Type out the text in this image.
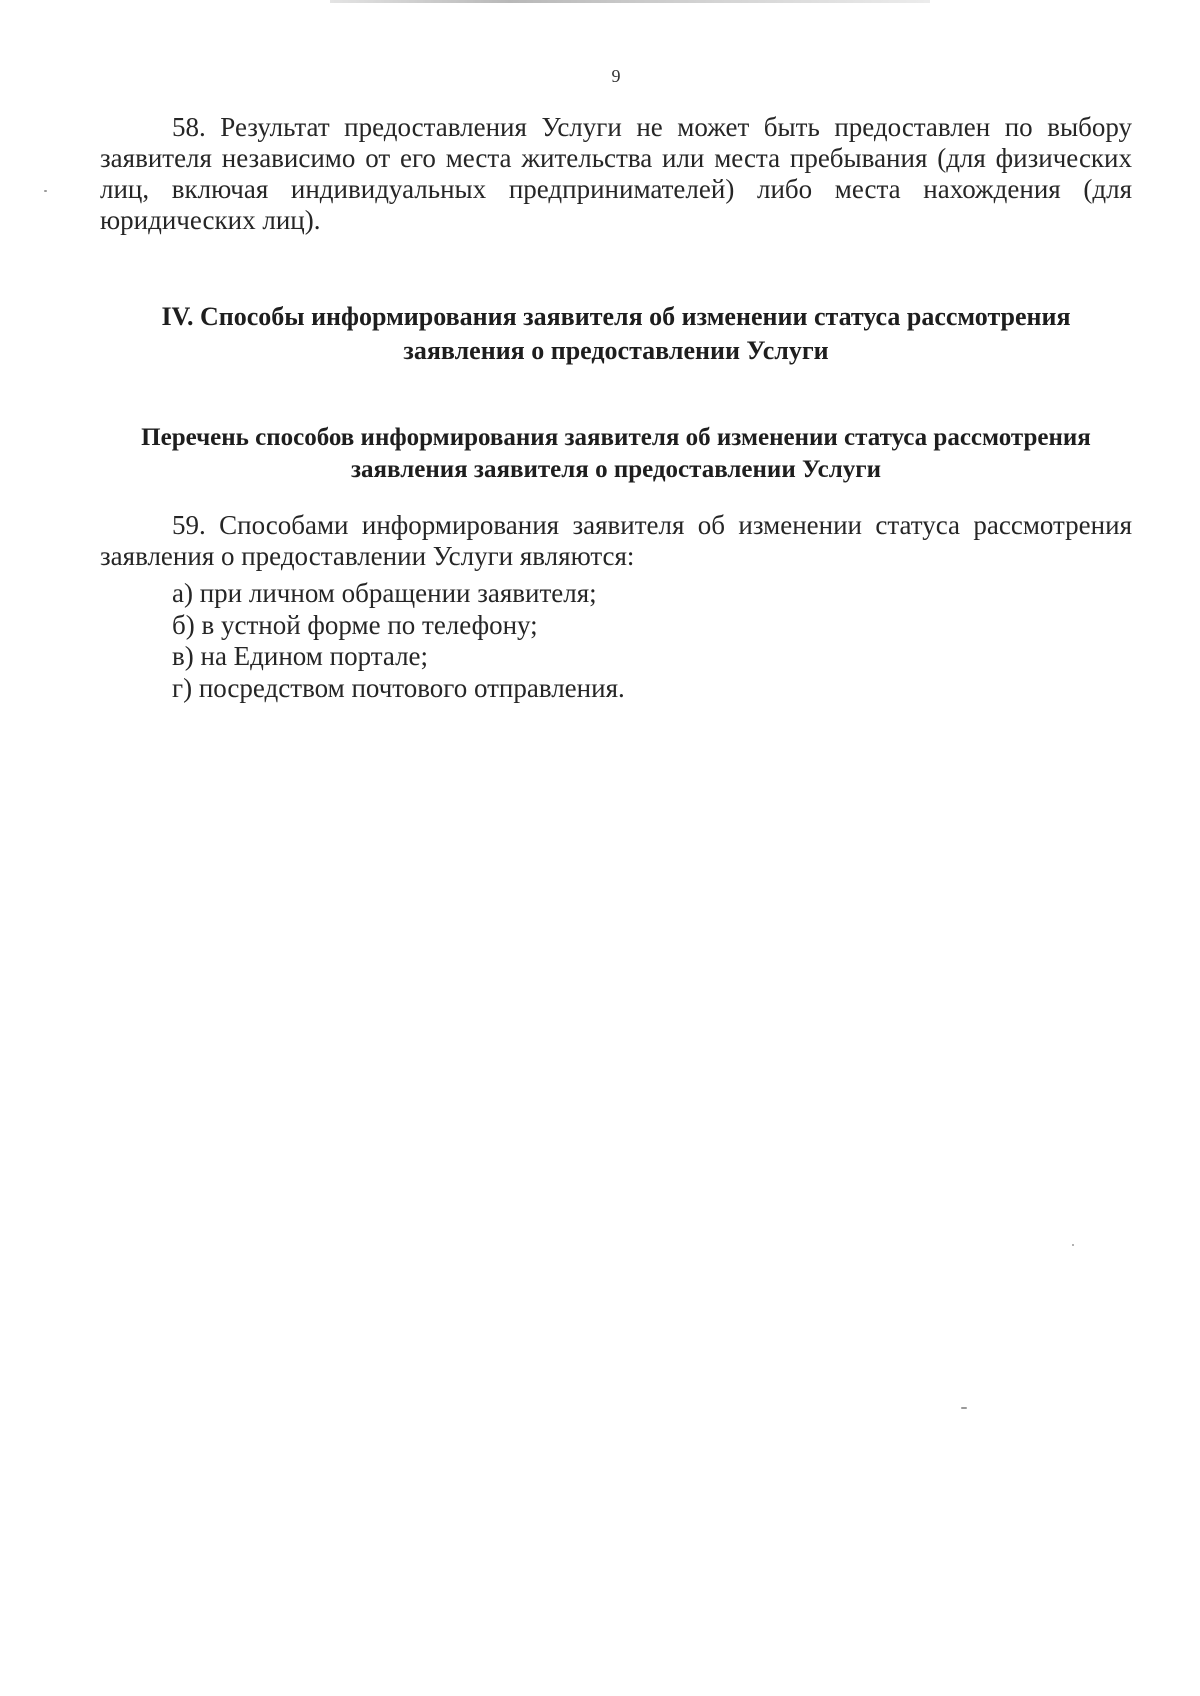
9

58. Результат предоставления Услуги не может быть предоставлен по выбору заявителя независимо от его места жительства или места пребывания (для физических лиц, включая индивидуальных предпринимателей) либо места нахождения (для юридических лиц).

IV. Способы информирования заявителя об изменении статуса рассмотрения заявления о предоставлении Услуги
Перечень способов информирования заявителя об изменении статуса рассмотрения заявления заявителя о предоставлении Услуги

59. Способами информирования заявителя об изменении статуса рассмотрения заявления о предоставлении Услуги являются:

а) при личном обращении заявителя;
б) в устной форме по телефону;
в) на Едином портале;
г) посредством почтового отправления.
